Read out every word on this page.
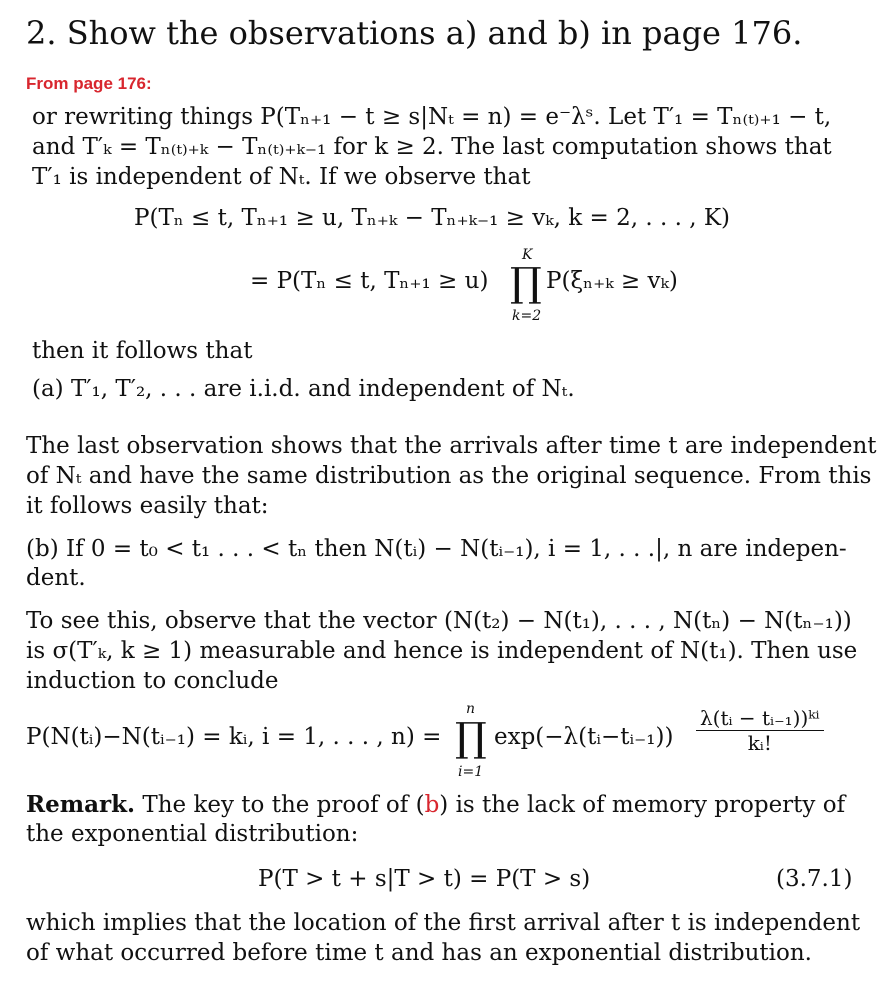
2. Show the observations a) and b) in page 176.
From page 176:
or rewriting things P(Tₙ₊₁ − t ≥ s|Nₜ = n) = e⁻λˢ. Let T′₁ = Tₙ₍ₜ₎₊₁ − t,
and T′ₖ = Tₙ₍ₜ₎₊ₖ − Tₙ₍ₜ₎₊ₖ₋₁ for k ≥ 2. The last computation shows that
T′₁ is independent of Nₜ. If we observe that
P(Tₙ ≤ t, Tₙ₊₁ ≥ u, Tₙ₊ₖ − Tₙ₊ₖ₋₁ ≥ vₖ, k = 2, . . . , K)
K
= P(Tₙ ≤ t, Tₙ₊₁ ≥ u) ∏ P(ξₙ₊ₖ ≥ vₖ)
k=2
then it follows that
(a) T′₁, T′₂, . . . are i.i.d. and independent of Nₜ.
The last observation shows that the arrivals after time t are independent
of Nₜ and have the same distribution as the original sequence. From this
it follows easily that:
(b) If 0 = t₀ < t₁ . . . < tₙ then N(tᵢ) − N(tᵢ₋₁), i = 1, . . .|, n are indepen-
dent.
To see this, observe that the vector (N(t₂) − N(t₁), . . . , N(tₙ) − N(tₙ₋₁))
is σ(T′ₖ, k ≥ 1) measurable and hence is independent of N(t₁). Then use
induction to conclude
n
P(N(tᵢ)−N(tᵢ₋₁) = kᵢ, i = 1, . . . , n) = ∏ exp(−λ(tᵢ−tᵢ₋₁)) $\frac{\text{λ(tᵢ − tᵢ₋₁))ᵏⁱ}}{\text{kᵢ!}}$
i=1
Remark. The key to the proof of (b) is the lack of memory property of
the exponential distribution:
P(T > t + s|T > t) = P(T > s)	(3.7.1)
which implies that the location of the first arrival after t is independent
of what occurred before time t and has an exponential distribution.
